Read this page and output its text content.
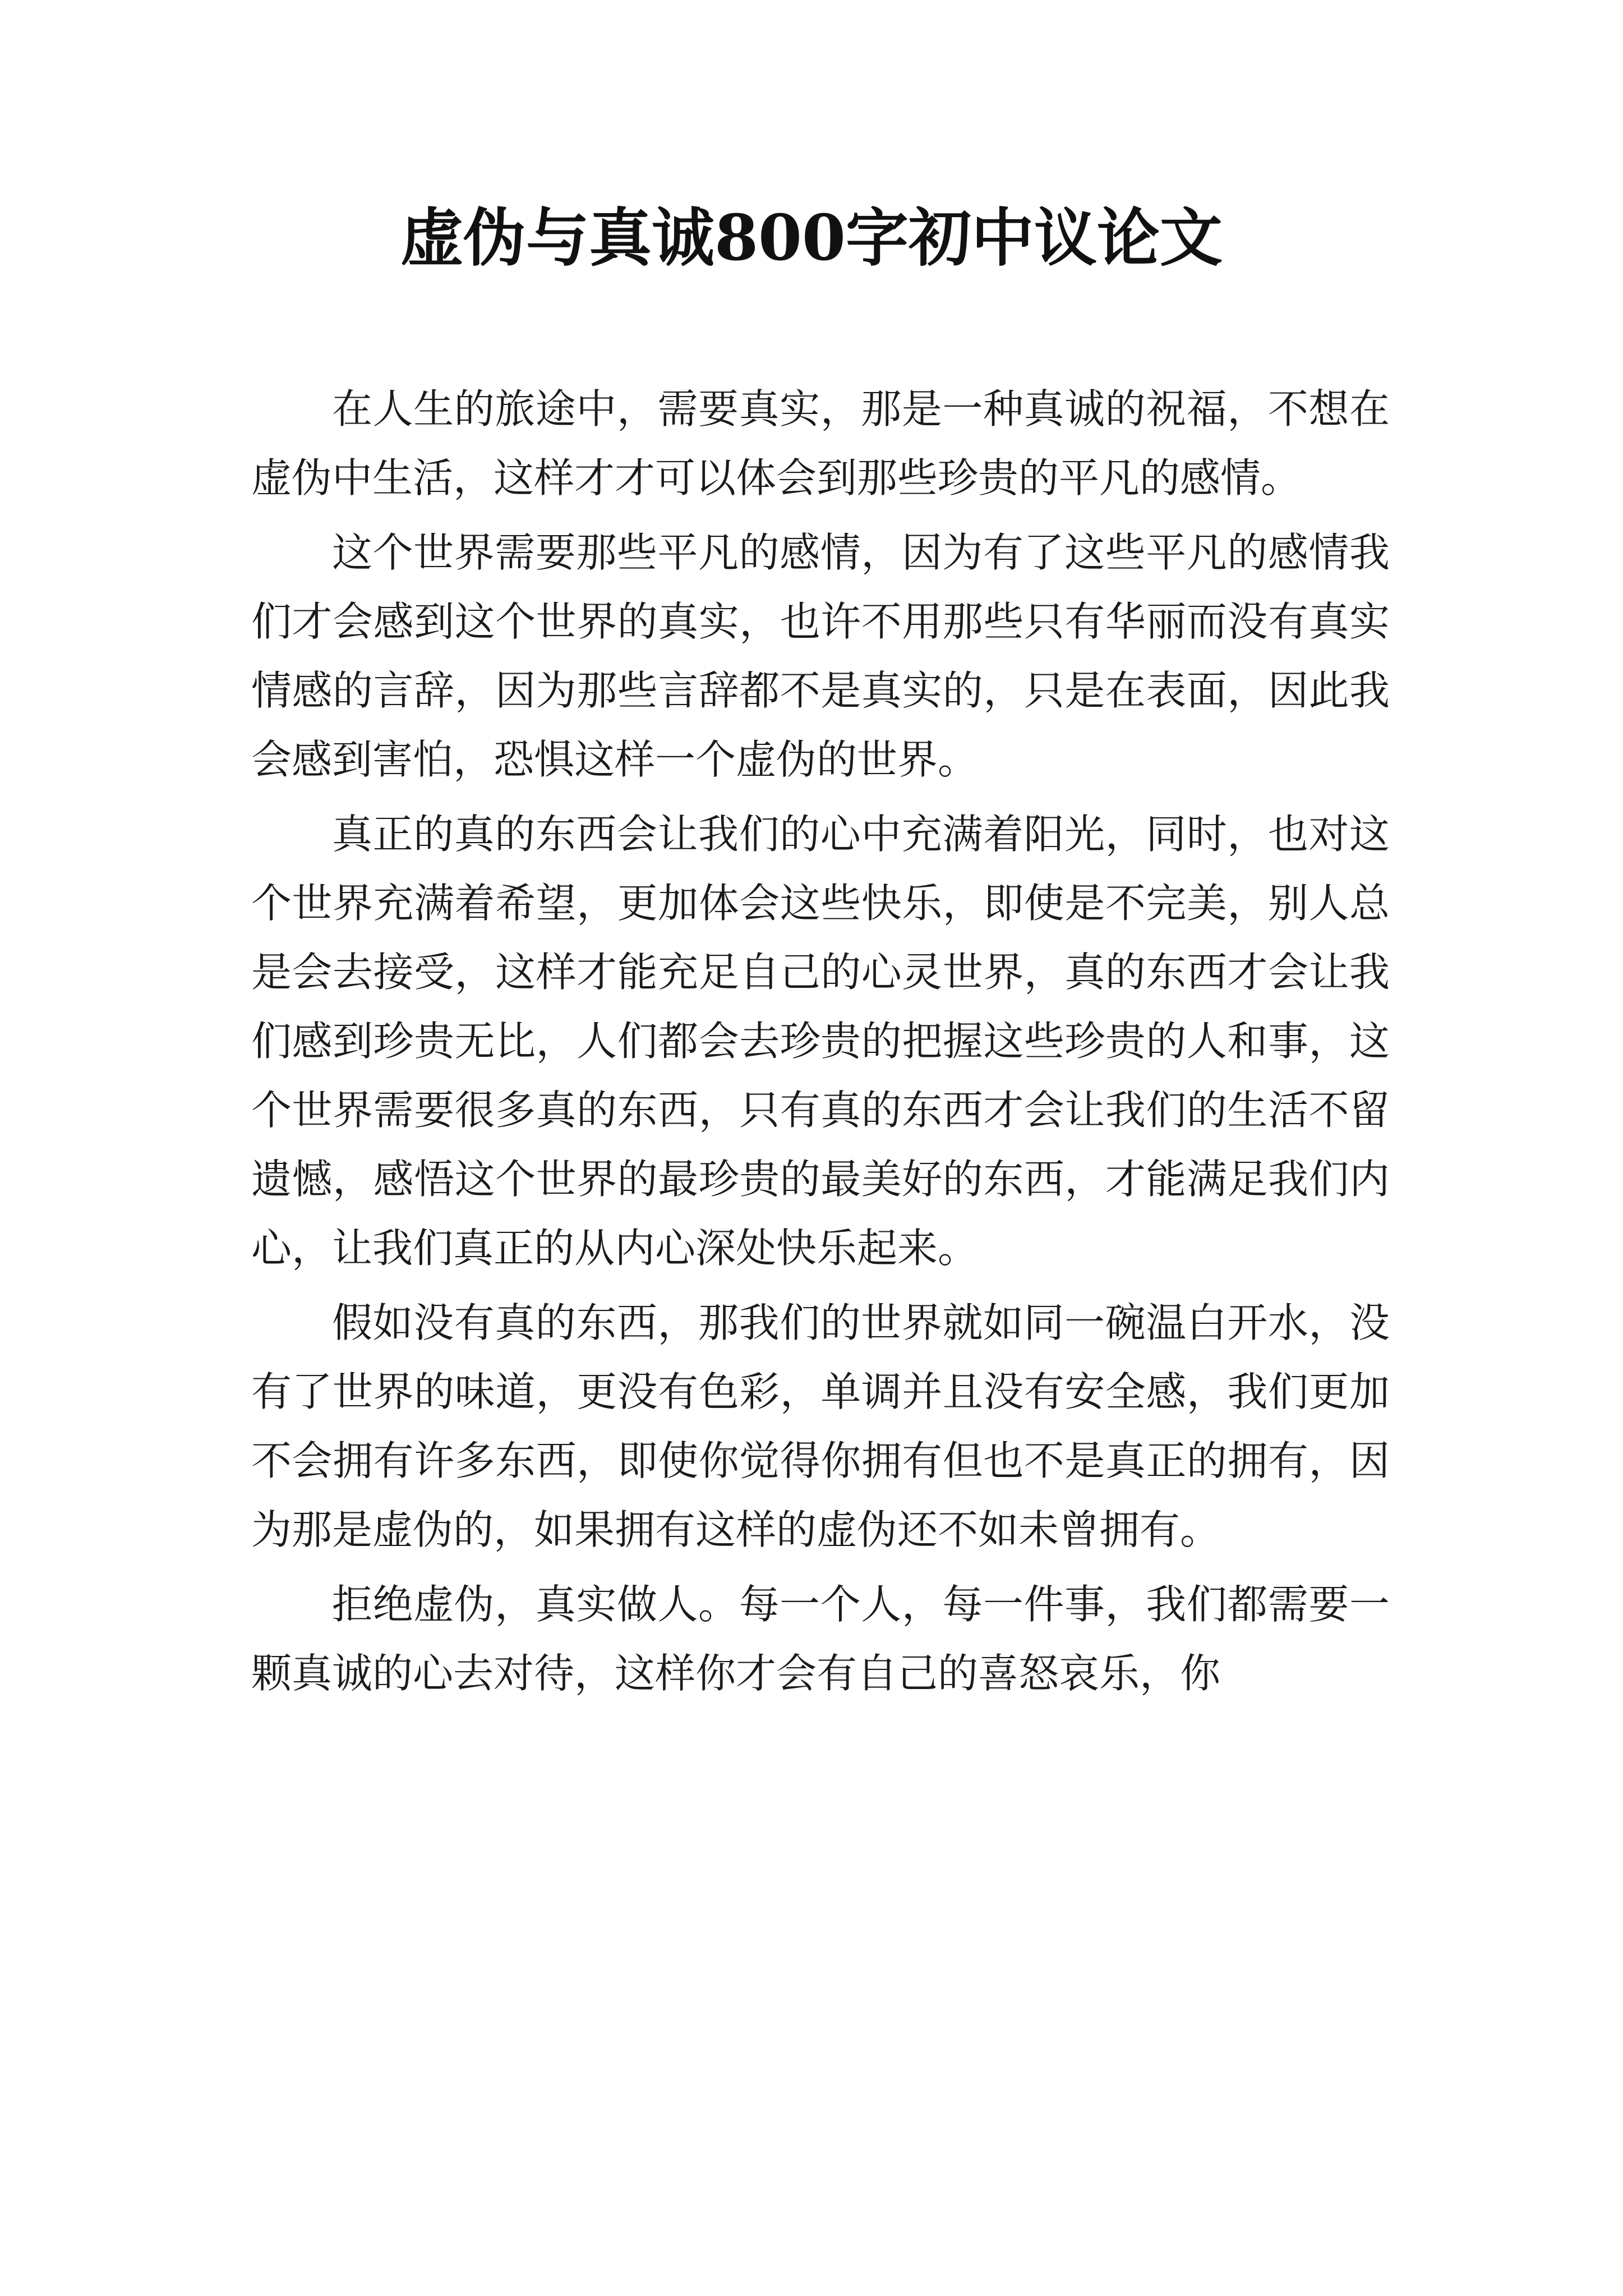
虚伪与真诚800字初中议论文

在人生的旅途中，需要真实，那是一种真诚的祝福，不想在虚伪中生活，这样才才可以体会到那些珍贵的平凡的感情。

这个世界需要那些平凡的感情，因为有了这些平凡的感情我们才会感到这个世界的真实，也许不用那些只有华丽而没有真实情感的言辞，因为那些言辞都不是真实的，只是在表面，因此我会感到害怕，恐惧这样一个虚伪的世界。

真正的真的东西会让我们的心中充满着阳光，同时，也对这个世界充满着希望，更加体会这些快乐，即使是不完美，别人总是会去接受，这样才能充足自己的心灵世界，真的东西才会让我们感到珍贵无比，人们都会去珍贵的把握这些珍贵的人和事，这个世界需要很多真的东西，只有真的东西才会让我们的生活不留遗憾，感悟这个世界的最珍贵的最美好的东西，才能满足我们内心，让我们真正的从内心深处快乐起来。

假如没有真的东西，那我们的世界就如同一碗温白开水，没有了世界的味道，更没有色彩，单调并且没有安全感，我们更加不会拥有许多东西，即使你觉得你拥有但也不是真正的拥有，因为那是虚伪的，如果拥有这样的虚伪还不如未曾拥有。

拒绝虚伪，真实做人。每一个人，每一件事，我们都需要一颗真诚的心去对待，这样你才会有自己的喜怒哀乐，你
